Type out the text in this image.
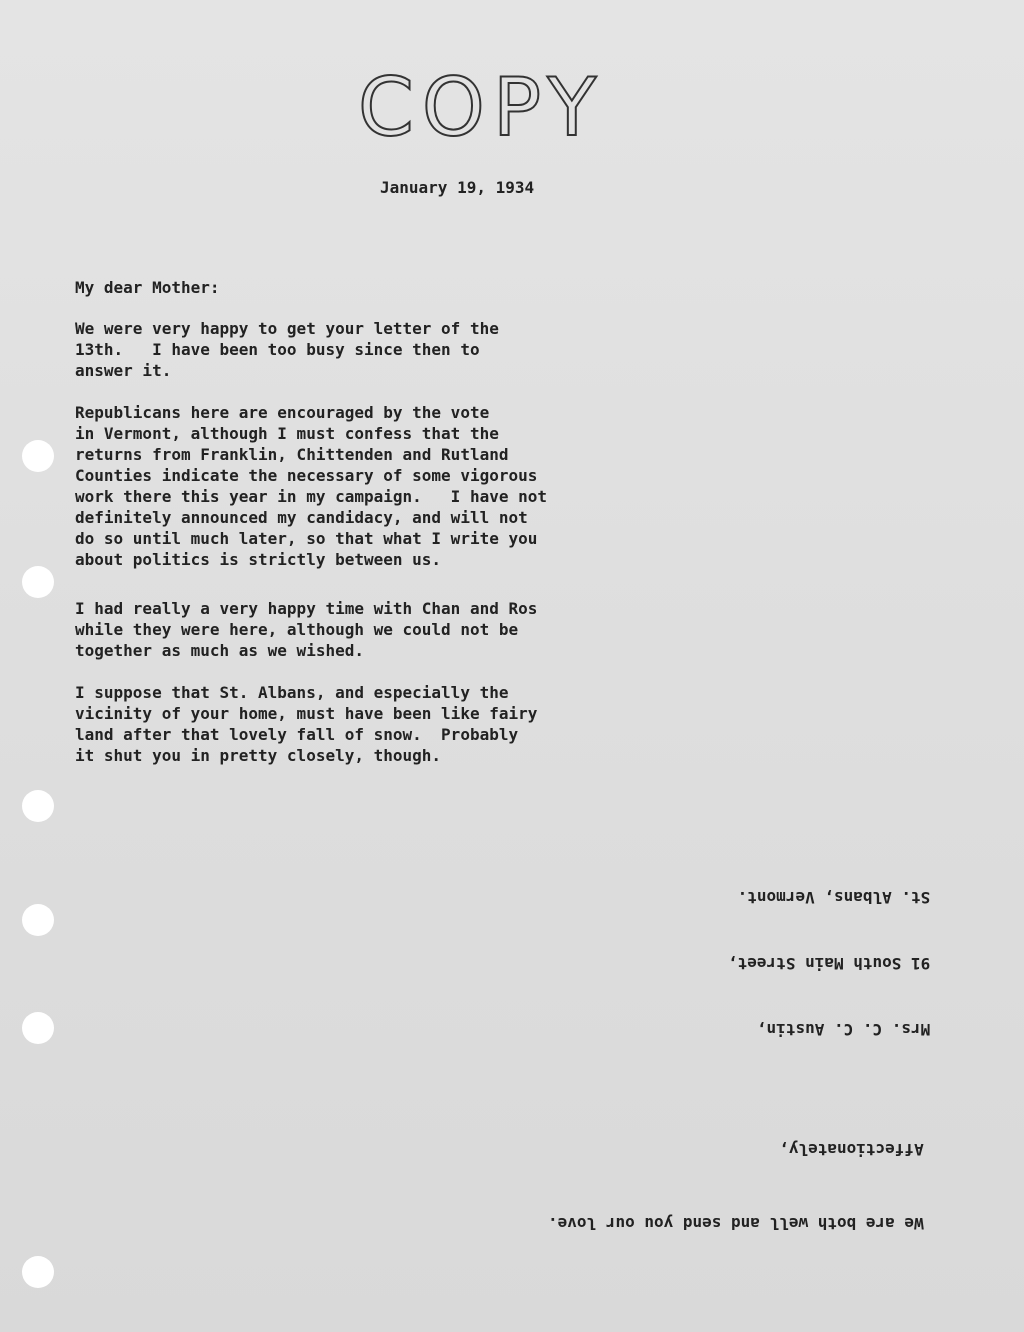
COPY
January 19, 1934
My dear Mother:
We were very happy to get your letter of the
13th.   I have been too busy since then to
answer it.
Republicans here are encouraged by the vote
in Vermont, although I must confess that the
returns from Franklin, Chittenden and Rutland
Counties indicate the necessary of some vigorous
work there this year in my campaign.   I have not
definitely announced my candidacy, and will not
do so until much later, so that what I write you
about politics is strictly between us.
I had really a very happy time with Chan and Ros
while they were here, although we could not be
together as much as we wished.
I suppose that St. Albans, and especially the
vicinity of your home, must have been like fairy
land after that lovely fall of snow.  Probably
it shut you in pretty closely, though.

Mrs. C. C. Austin,

91 South Main Street,

St. Albans, Vermont.

We are both well and send you our love.

Affectionately,
